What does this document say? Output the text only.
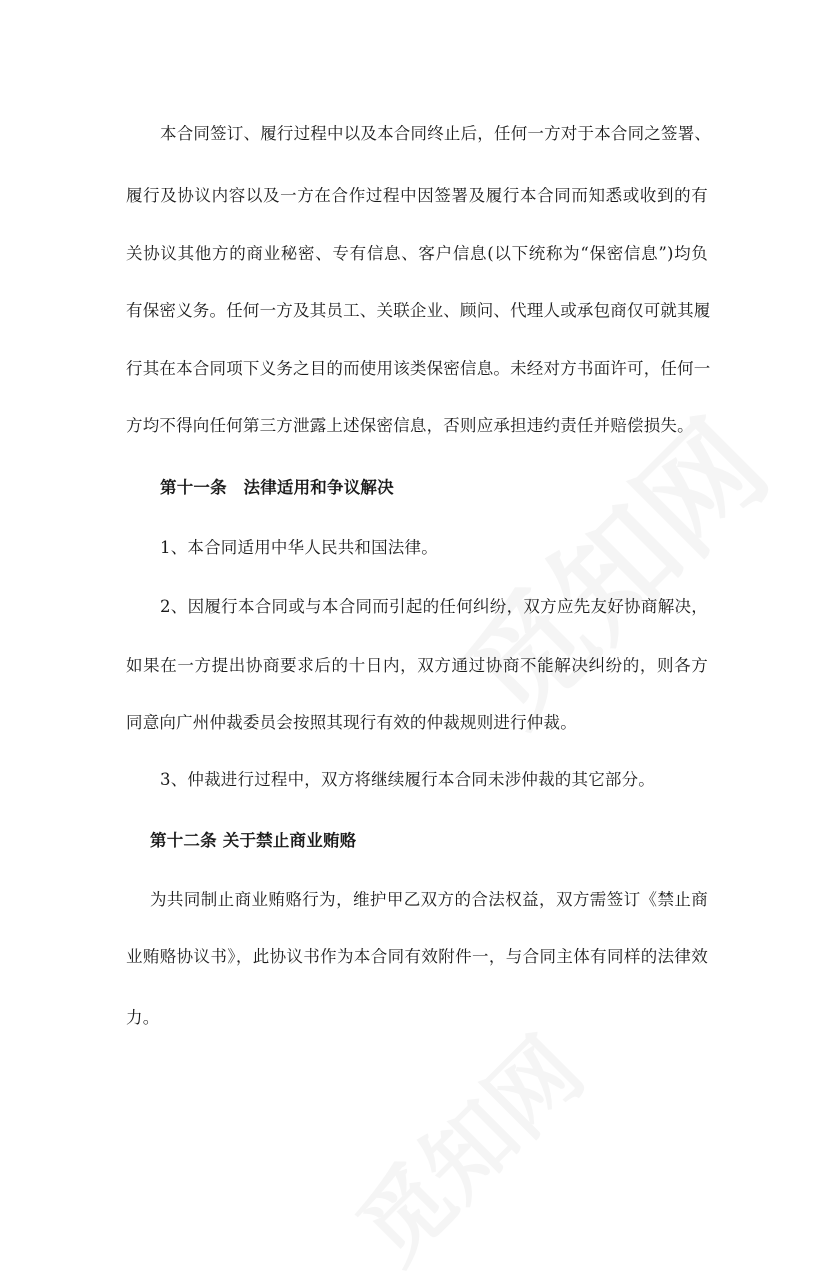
本合同签订、履行过程中以及本合同终止后，任何一方对于本合同之签署、
履行及协议内容以及一方在合作过程中因签署及履行本合同而知悉或收到的有
关协议其他方的商业秘密、专有信息、客户信息(以下统称为“保密信息”)均负
有保密义务。任何一方及其员工、关联企业、顾问、代理人或承包商仅可就其履
行其在本合同项下义务之目的而使用该类保密信息。未经对方书面许可，任何一
方均不得向任何第三方泄露上述保密信息，否则应承担违约责任并赔偿损失。
第十一条　法律适用和争议解决
1、本合同适用中华人民共和国法律。
2、因履行本合同或与本合同而引起的任何纠纷，双方应先友好协商解决，
如果在一方提出协商要求后的十日内，双方通过协商不能解决纠纷的，则各方
同意向广州仲裁委员会按照其现行有效的仲裁规则进行仲裁。
3、仲裁进行过程中，双方将继续履行本合同未涉仲裁的其它部分。
第十二条 关于禁止商业贿赂
为共同制止商业贿赂行为，维护甲乙双方的合法权益，双方需签订《禁止商
业贿赂协议书》，此协议书作为本合同有效附件一，与合同主体有同样的法律效
力。
